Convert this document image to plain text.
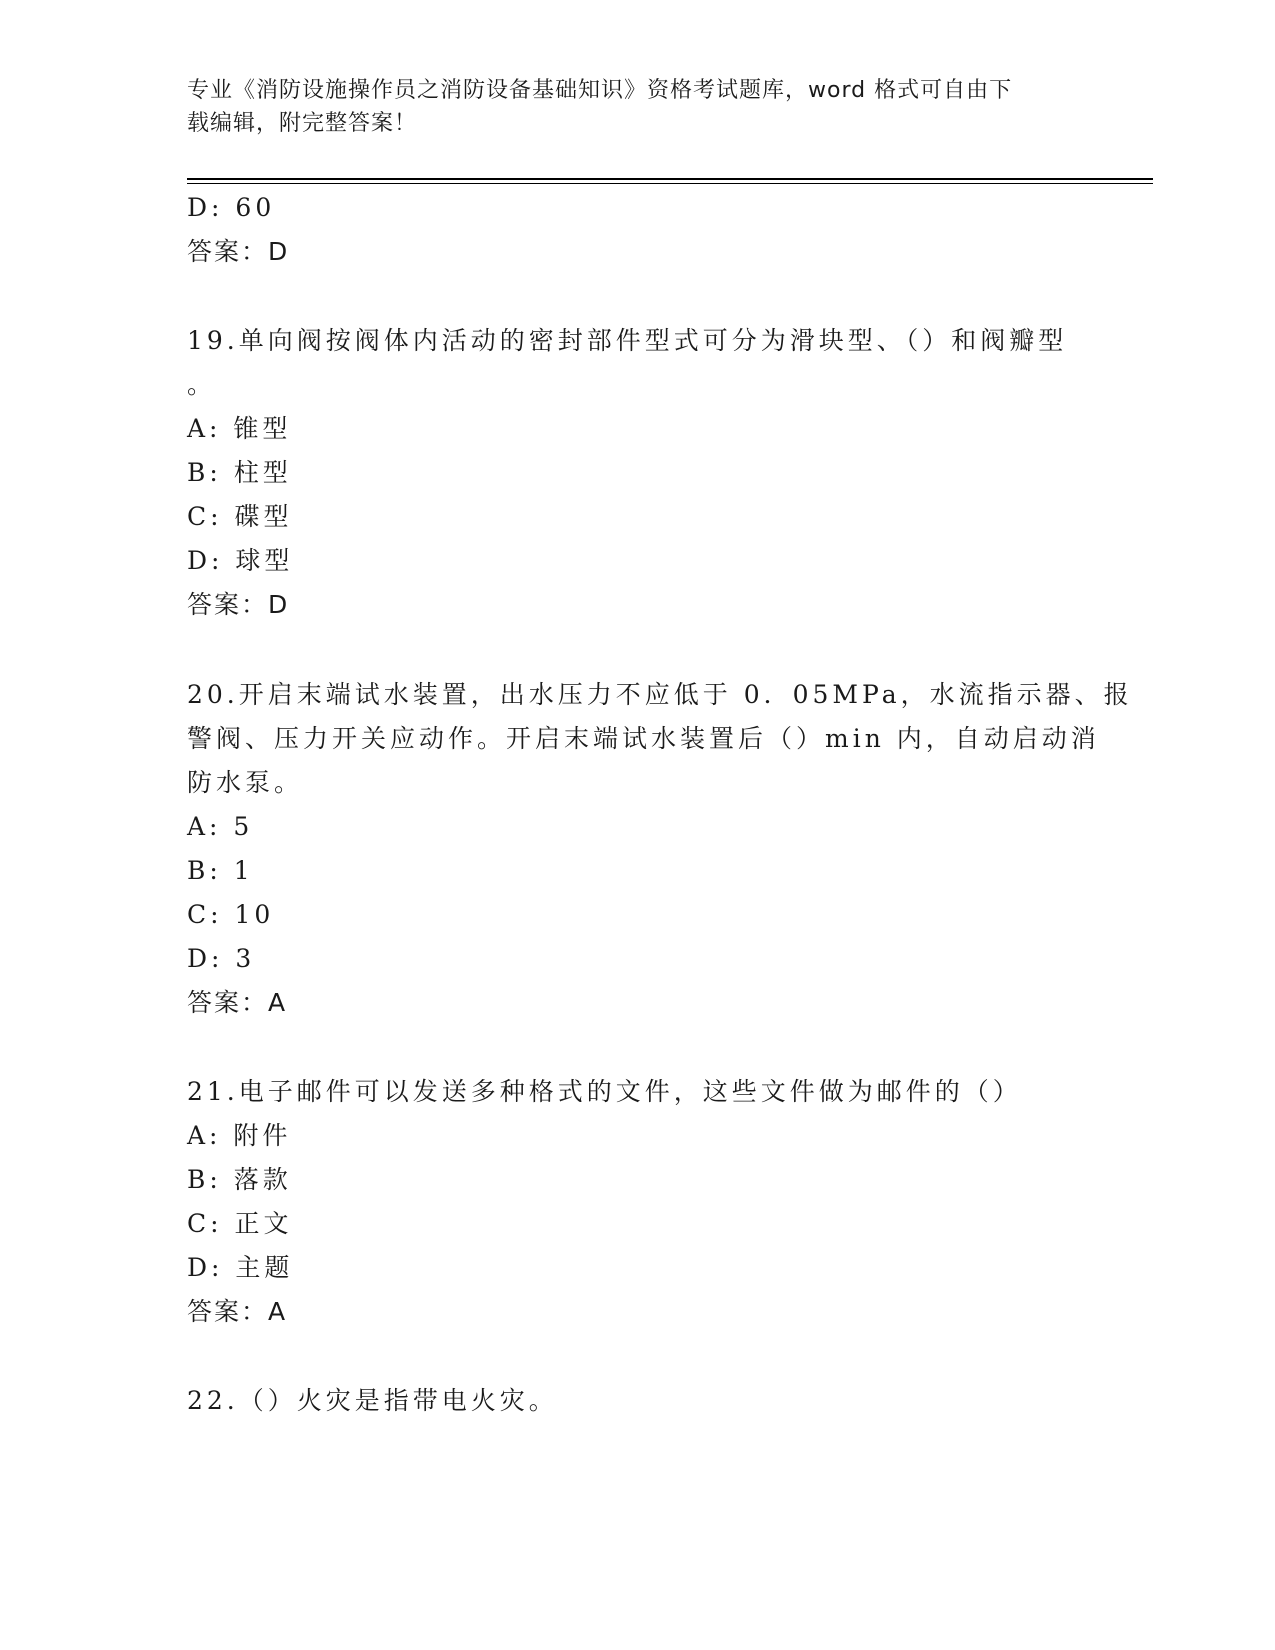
专业《消防设施操作员之消防设备基础知识》资格考试题库，word 格式可自由下
载编辑，附完整答案！
D: 60
答案：D
19.单向阀按阀体内活动的密封部件型式可分为滑块型、（）和阀瓣型
。
A: 锥型
B: 柱型
C: 碟型
D: 球型
答案：D
20.开启末端试水装置，出水压力不应低于 0．05MPa，水流指示器、报
警阀、压力开关应动作。开启末端试水装置后（）min 内，自动启动消
防水泵。
A: 5
B: 1
C: 10
D: 3
答案：A
21.电子邮件可以发送多种格式的文件，这些文件做为邮件的（）
A: 附件
B: 落款
C: 正文
D: 主题
答案：A
22.（）火灾是指带电火灾。
